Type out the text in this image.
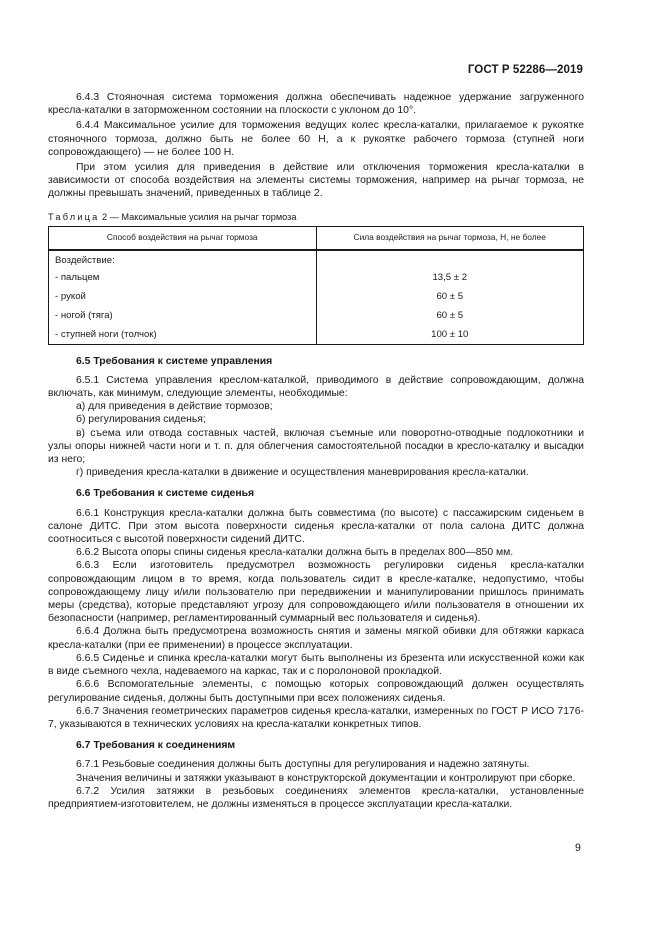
ГОСТ Р 52286—2019

6.4.3 Стояночная система торможения должна обеспечивать надежное удержание загруженного кресла-каталки в заторможенном состоянии на плоскости с уклоном до 10°.

6.4.4 Максимальное усилие для торможения ведущих колес кресла-каталки, прилагаемое к рукоятке стояночного тормоза, должно быть не более 60 Н, а к рукоятке рабочего тормоза (ступней ноги сопровождающего) — не более 100 Н.

При этом усилия для приведения в действие или отключения торможения кресла-каталки в зависимости от способа воздействия на элементы системы торможения, например на рычаг тормоза, не должны превышать значений, приведенных в таблице 2.

Таблица 2 — Максимальные усилия на рычаг тормоза
Способ воздействия на рычаг тормоза	Сила воздействия на рычаг тормоза, Н, не более
Воздействие:	
- пальцем	13,5 ± 2
- рукой	60 ± 5
- ногой (тяга)	60 ± 5
- ступней ноги (толчок)	100 ± 10
6.5 Требования к системе управления

6.5.1 Система управления креслом-каталкой, приводимого в действие сопровождающим, должна включать, как минимум, следующие элементы, необходимые:

а) для приведения в действие тормозов;

б) регулирования сиденья;

в) съема или отвода составных частей, включая съемные или поворотно-отводные подлокотники и узлы опоры нижней части ноги и т. п. для облегчения самостоятельной посадки в кресло-каталку и высадки из него;

г) приведения кресла-каталки в движение и осуществления маневрирования кресла-каталки.

6.6 Требования к системе сиденья

6.6.1 Конструкция кресла-каталки должна быть совместима (по высоте) с пассажирским сиденьем в салоне ДИТС. При этом высота поверхности сиденья кресла-каталки от пола салона ДИТС должна соотноситься с высотой поверхности сидений ДИТС.

6.6.2 Высота опоры спины сиденья кресла-каталки должна быть в пределах 800—850 мм.

6.6.3 Если изготовитель предусмотрел возможность регулировки сиденья кресла-каталки сопровождающим лицом в то время, когда пользователь сидит в кресле-каталке, недопустимо, чтобы сопровождающему лицу и/или пользователю при передвижении и манипулировании пришлось принимать меры (средства), которые представляют угрозу для сопровождающего и/или пользователя в отношении их безопасности (например, регламентированный суммарный вес пользователя и сиденья).

6.6.4 Должна быть предусмотрена возможность снятия и замены мягкой обивки для обтяжки каркаса кресла-каталки (при ее применении) в процессе эксплуатации.

6.6.5 Сиденье и спинка кресла-каталки могут быть выполнены из брезента или искусственной кожи как в виде съемного чехла, надеваемого на каркас, так и с поролоновой прокладкой.

6.6.6 Вспомогательные элементы, с помощью которых сопровождающий должен осуществлять регулирование сиденья, должны быть доступными при всех положениях сиденья.

6.6.7 Значения геометрических параметров сиденья кресла-каталки, измеренных по ГОСТ Р ИСО 7176-7, указываются в технических условиях на кресла-каталки конкретных типов.

6.7 Требования к соединениям

6.7.1 Резьбовые соединения должны быть доступны для регулирования и надежно затянуты.

Значения величины и затяжки указывают в конструкторской документации и контролируют при сборке.

6.7.2 Усилия затяжки в резьбовых соединениях элементов кресла-каталки, установленные предприятием-изготовителем, не должны изменяться в процессе эксплуатации кресла-каталки.

9
